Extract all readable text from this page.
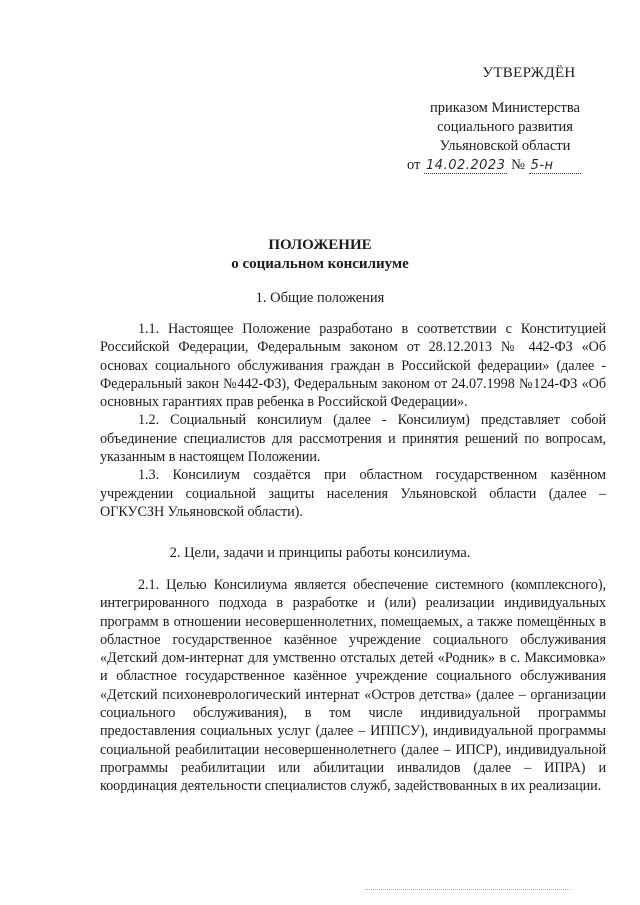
УТВЕРЖДЁН
приказом Министерства
социального развития
Ульяновской области
от 14.02.2023 № 5-н
ПОЛОЖЕНИЕ
о социальном консилиуме
1. Общие положения

1.1. Настоящее Положение разработано в соответствии с Конституцией Российской Федерации, Федеральным законом от 28.12.2013 № 442-ФЗ «Об основах социального обслуживания граждан в Российской федерации» (далее - Федеральный закон №442-ФЗ), Федеральным законом от 24.07.1998 №124-ФЗ «Об основных гарантиях прав ребенка в Российской Федерации».

1.2. Социальный консилиум (далее - Консилиум) представляет собой объединение специалистов для рассмотрения и принятия решений по вопросам, указанным в настоящем Положении.

1.3. Консилиум создаётся при областном государственном казённом учреждении социальной защиты населения Ульяновской области (далее – ОГКУСЗН Ульяновской области).

2. Цели, задачи и принципы работы консилиума.

2.1. Целью Консилиума является обеспечение системного (комплексного), интегрированного подхода в разработке и (или) реализации индивидуальных программ в отношении несовершеннолетних, помещаемых, а также помещённых в областное государственное казённое учреждение социального обслуживания «Детский дом-интернат для умственно отсталых детей «Родник» в с. Максимовка» и областное государственное казённое учреждение социального обслуживания «Детский психоневрологический интернат «Остров детства» (далее – организации социального обслуживания), в том числе индивидуальной программы предоставления социальных услуг (далее – ИППСУ), индивидуальной программы социальной реабилитации несовершеннолетнего (далее – ИПСР), индивидуальной программы реабилитации или абилитации инвалидов (далее – ИПРА) и координация деятельности специалистов служб, задействованных в их реализации.
